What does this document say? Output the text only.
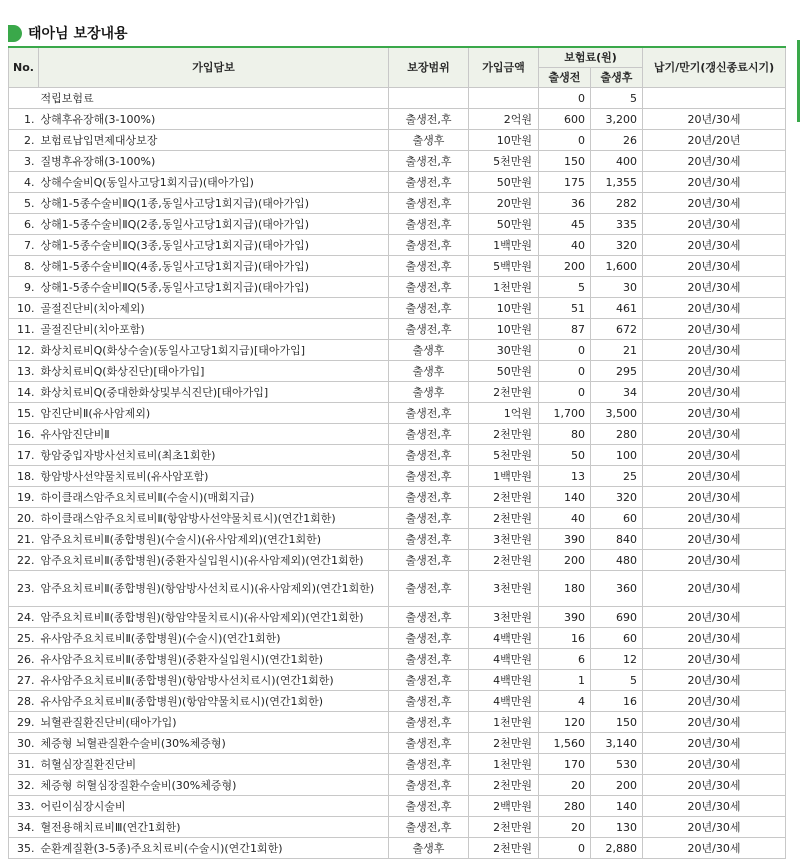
태아님 보장내용
No.	가입담보	보장범위	가입금액	보험료(원)		납기/만기(갱신종료시기)
				출생전	출생후	
	적립보험료			0	5	
1.	상해후유장해(3-100%)	출생전,후	2억원	600	3,200	20년/30세
2.	보험료납입면제대상보장	출생후	10만원	0	26	20년/20년
3.	질병후유장해(3-100%)	출생전,후	5천만원	150	400	20년/30세
4.	상해수술비Q(동일사고당1회지급)(태아가입)	출생전,후	50만원	175	1,355	20년/30세
5.	상해1-5종수술비ⅡQ(1종,동일사고당1회지급)(태아가입)	출생전,후	20만원	36	282	20년/30세
6.	상해1-5종수술비ⅡQ(2종,동일사고당1회지급)(태아가입)	출생전,후	50만원	45	335	20년/30세
7.	상해1-5종수술비ⅡQ(3종,동일사고당1회지급)(태아가입)	출생전,후	1백만원	40	320	20년/30세
8.	상해1-5종수술비ⅡQ(4종,동일사고당1회지급)(태아가입)	출생전,후	5백만원	200	1,600	20년/30세
9.	상해1-5종수술비ⅡQ(5종,동일사고당1회지급)(태아가입)	출생전,후	1천만원	5	30	20년/30세
10.	골절진단비(치아제외)	출생전,후	10만원	51	461	20년/30세
11.	골절진단비(치아포함)	출생전,후	10만원	87	672	20년/30세
12.	화상치료비Q(화상수술)(동일사고당1회지급)[태아가입]	출생후	30만원	0	21	20년/30세
13.	화상치료비Q(화상진단)[태아가입]	출생후	50만원	0	295	20년/30세
14.	화상치료비Q(중대한화상및부식진단)[태아가입]	출생후	2천만원	0	34	20년/30세
15.	암진단비Ⅱ(유사암제외)	출생전,후	1억원	1,700	3,500	20년/30세
16.	유사암진단비Ⅱ	출생전,후	2천만원	80	280	20년/30세
17.	항암중입자방사선치료비(최초1회한)	출생전,후	5천만원	50	100	20년/30세
18.	항암방사선약물치료비(유사암포함)	출생전,후	1백만원	13	25	20년/30세
19.	하이클래스암주요치료비Ⅱ(수술시)(매회지급)	출생전,후	2천만원	140	320	20년/30세
20.	하이클래스암주요치료비Ⅱ(항암방사선약물치료시)(연간1회한)	출생전,후	2천만원	40	60	20년/30세
21.	암주요치료비Ⅱ(종합병원)(수술시)(유사암제외)(연간1회한)	출생전,후	3천만원	390	840	20년/30세
22.	암주요치료비Ⅱ(종합병원)(중환자실입원시)(유사암제외)(연간1회한)	출생전,후	2천만원	200	480	20년/30세
23.	암주요치료비Ⅱ(종합병원)(항암방사선치료시)(유사암제외)(연간1회한)	출생전,후	3천만원	180	360	20년/30세
24.	암주요치료비Ⅱ(종합병원)(항암약물치료시)(유사암제외)(연간1회한)	출생전,후	3천만원	390	690	20년/30세
25.	유사암주요치료비Ⅱ(종합병원)(수술시)(연간1회한)	출생전,후	4백만원	16	60	20년/30세
26.	유사암주요치료비Ⅱ(종합병원)(중환자실입원시)(연간1회한)	출생전,후	4백만원	6	12	20년/30세
27.	유사암주요치료비Ⅱ(종합병원)(항암방사선치료시)(연간1회한)	출생전,후	4백만원	1	5	20년/30세
28.	유사암주요치료비Ⅱ(종합병원)(항암약물치료시)(연간1회한)	출생전,후	4백만원	4	16	20년/30세
29.	뇌혈관질환진단비(태아가입)	출생전,후	1천만원	120	150	20년/30세
30.	체증형 뇌혈관질환수술비(30%체증형)	출생전,후	2천만원	1,560	3,140	20년/30세
31.	허혈심장질환진단비	출생전,후	1천만원	170	530	20년/30세
32.	체증형 허혈심장질환수술비(30%체증형)	출생전,후	2천만원	20	200	20년/30세
33.	어린이심장시술비	출생전,후	2백만원	280	140	20년/30세
34.	혈전용해치료비Ⅲ(연간1회한)	출생전,후	2천만원	20	130	20년/30세
35.	순환계질환(3-5종)주요치료비(수술시)(연간1회한)	출생후	2천만원	0	2,880	20년/30세
